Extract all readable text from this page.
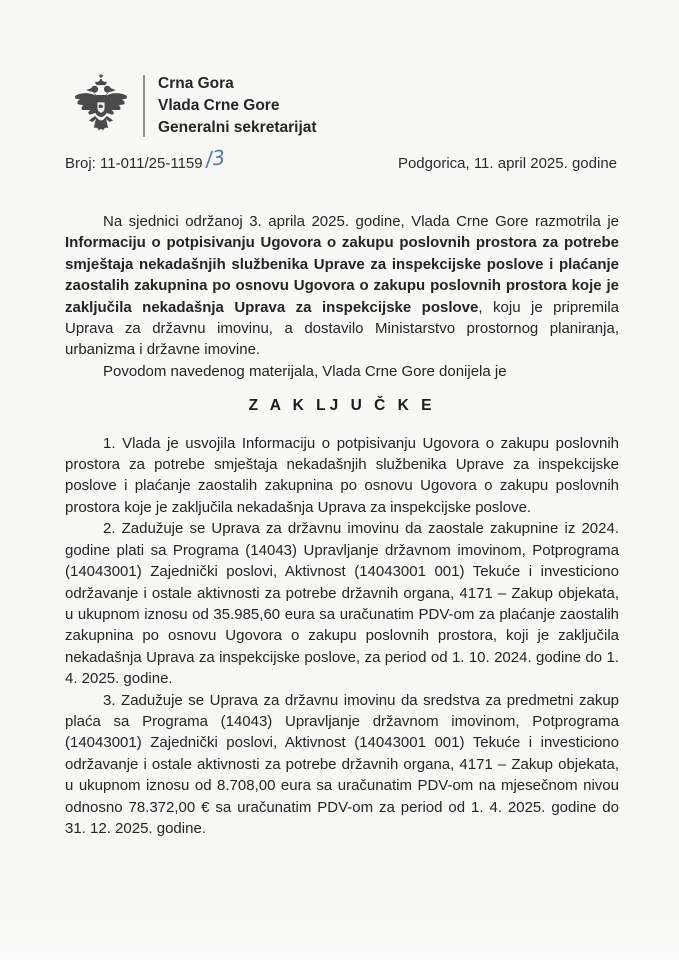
Crna Gora
Vlada Crne Gore
Generalni sekretarijat
Broj: 11-011/25-1159/3	Podgorica, 11. april 2025. godine

Na sjednici održanoj 3. aprila 2025. godine, Vlada Crne Gore razmotrila je Informaciju o potpisivanju Ugovora o zakupu poslovnih prostora za potrebe smještaja nekadašnjih službenika Uprave za inspekcijske poslove i plaćanje zaostalih zakupnina po osnovu Ugovora o zakupu poslovnih prostora koje je zaključila nekadašnja Uprava za inspekcijske poslove, koju je pripremila Uprava za državnu imovinu, a dostavilo Ministarstvo prostornog planiranja, urbanizma i državne imovine.

Povodom navedenog materijala, Vlada Crne Gore donijela je

Z A K LJ U Č K E

1. Vlada je usvojila Informaciju o potpisivanju Ugovora o zakupu poslovnih prostora za potrebe smještaja nekadašnjih službenika Uprave za inspekcijske poslove i plaćanje zaostalih zakupnina po osnovu Ugovora o zakupu poslovnih prostora koje je zaključila nekadašnja Uprava za inspekcijske poslove.

2. Zadužuje se Uprava za državnu imovinu da zaostale zakupnine iz 2024. godine plati sa Programa (14043) Upravljanje državnom imovinom, Potprograma (14043001) Zajednički poslovi, Aktivnost (14043001 001) Tekuće i investiciono održavanje i ostale aktivnosti za potrebe državnih organa, 4171 – Zakup objekata, u ukupnom iznosu od 35.985,60 eura sa uračunatim PDV-om za plaćanje zaostalih zakupnina po osnovu Ugovora o zakupu poslovnih prostora, koji je zaključila nekadašnja Uprava za inspekcijske poslove, za period od 1. 10. 2024. godine do 1. 4. 2025. godine.

3. Zadužuje se Uprava za državnu imovinu da sredstva za predmetni zakup plaća sa Programa (14043) Upravljanje državnom imovinom, Potprograma (14043001) Zajednički poslovi, Aktivnost (14043001 001) Tekuće i investiciono održavanje i ostale aktivnosti za potrebe državnih organa, 4171 – Zakup objekata, u ukupnom iznosu od 8.708,00 eura sa uračunatim PDV-om na mjesečnom nivou odnosno 78.372,00 € sa uračunatim PDV-om za period od 1. 4. 2025. godine do 31. 12. 2025. godine.
